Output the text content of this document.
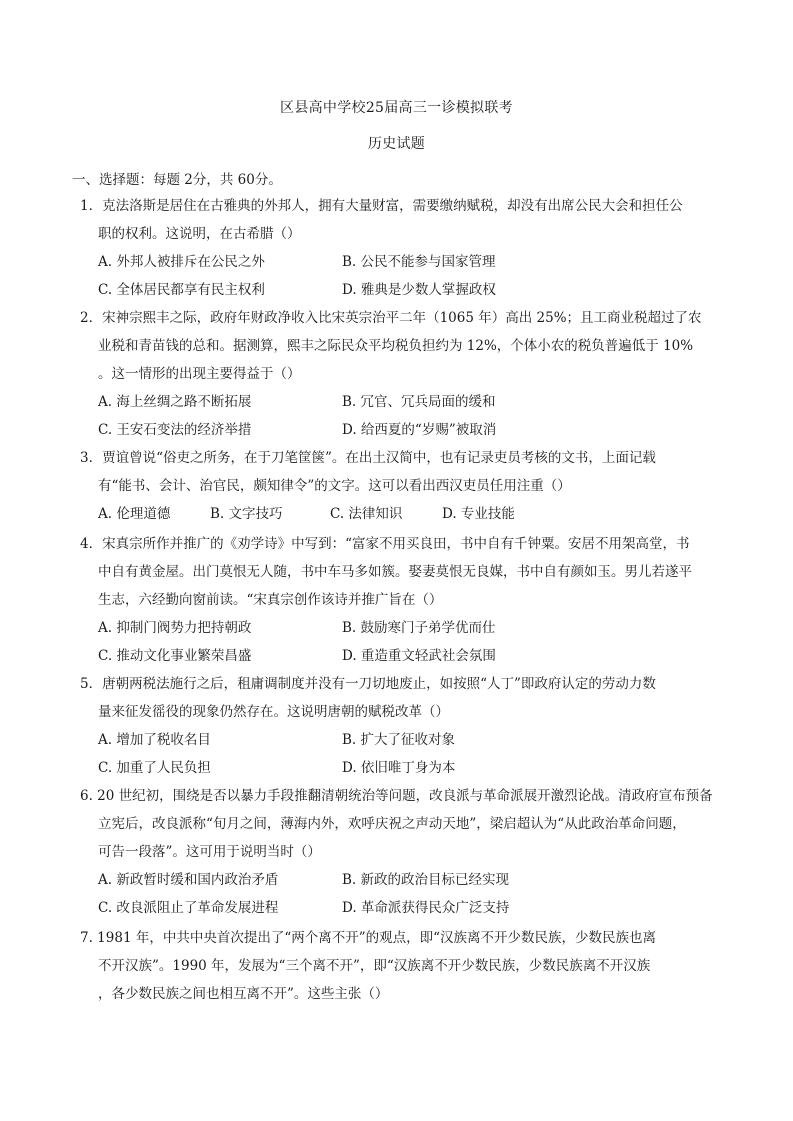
区县高中学校25届高三一诊模拟联考
历史试题
一、选择题：每题 2分，共 60分。
1．克法洛斯是居住在古雅典的外邦人，拥有大量财富，需要缴纳赋税，却没有出席公民大会和担任公
职的权利。这说明，在古希腊（）
A. 外邦人被排斥在公民之外	B. 公民不能参与国家管理
C. 全体居民都享有民主权利	D. 雅典是少数人掌握政权
2．宋神宗熙丰之际，政府年财政净收入比宋英宗治平二年（1065 年）高出 25%；且工商业税超过了农
业税和青苗钱的总和。据测算，熙丰之际民众平均税负担约为 12%，个体小农的税负普遍低于 10%
。这一情形的出现主要得益于（）
A. 海上丝绸之路不断拓展	B. 冗官、冗兵局面的缓和
C. 王安石变法的经济举措	D. 给西夏的“岁赐”被取消
3．贾谊曾说“俗吏之所务，在于刀笔筐箧”。在出土汉简中，也有记录吏员考核的文书，上面记载
有“能书、会计、治官民，颇知律令”的文字。这可以看出西汉吏员任用注重（）
A. 伦理道德	B. 文字技巧	C. 法律知识	D. 专业技能
4．宋真宗所作并推广的《劝学诗》中写到：“富家不用买良田，书中自有千钟粟。安居不用架高堂，书
中自有黄金屋。出门莫恨无人随，书中车马多如簇。娶妻莫恨无良媒，书中自有颜如玉。男儿若遂平
生志，六经勤向窗前读。“宋真宗创作该诗并推广旨在（）
A. 抑制门阀势力把持朝政	B. 鼓励寒门子弟学优而仕
C. 推动文化事业繁荣昌盛	D. 重造重文轻武社会氛围
5．唐朝两税法施行之后，租庸调制度并没有一刀切地废止，如按照“人丁”即政府认定的劳动力数
量来征发徭役的现象仍然存在。这说明唐朝的赋税改革（）
A. 增加了税收名目	B. 扩大了征收对象
C. 加重了人民负担	D. 依旧唯丁身为本
6. 20 世纪初，围绕是否以暴力手段推翻清朝统治等问题，改良派与革命派展开激烈论战。清政府宣布预备
立宪后，改良派称“旬月之间，薄海内外，欢呼庆祝之声动天地”，梁启超认为“从此政治革命问题，
可告一段落”。这可用于说明当时（）
A. 新政暂时缓和国内政治矛盾	B. 新政的政治目标已经实现
C. 改良派阻止了革命发展进程	D. 革命派获得民众广泛支持
7. 1981 年，中共中央首次提出了“两个离不开”的观点，即“汉族离不开少数民族，少数民族也离
不开汉族”。1990 年，发展为“三个离不开”，即“汉族离不开少数民族，少数民族离不开汉族
，各少数民族之间也相互离不开”。这些主张（）
